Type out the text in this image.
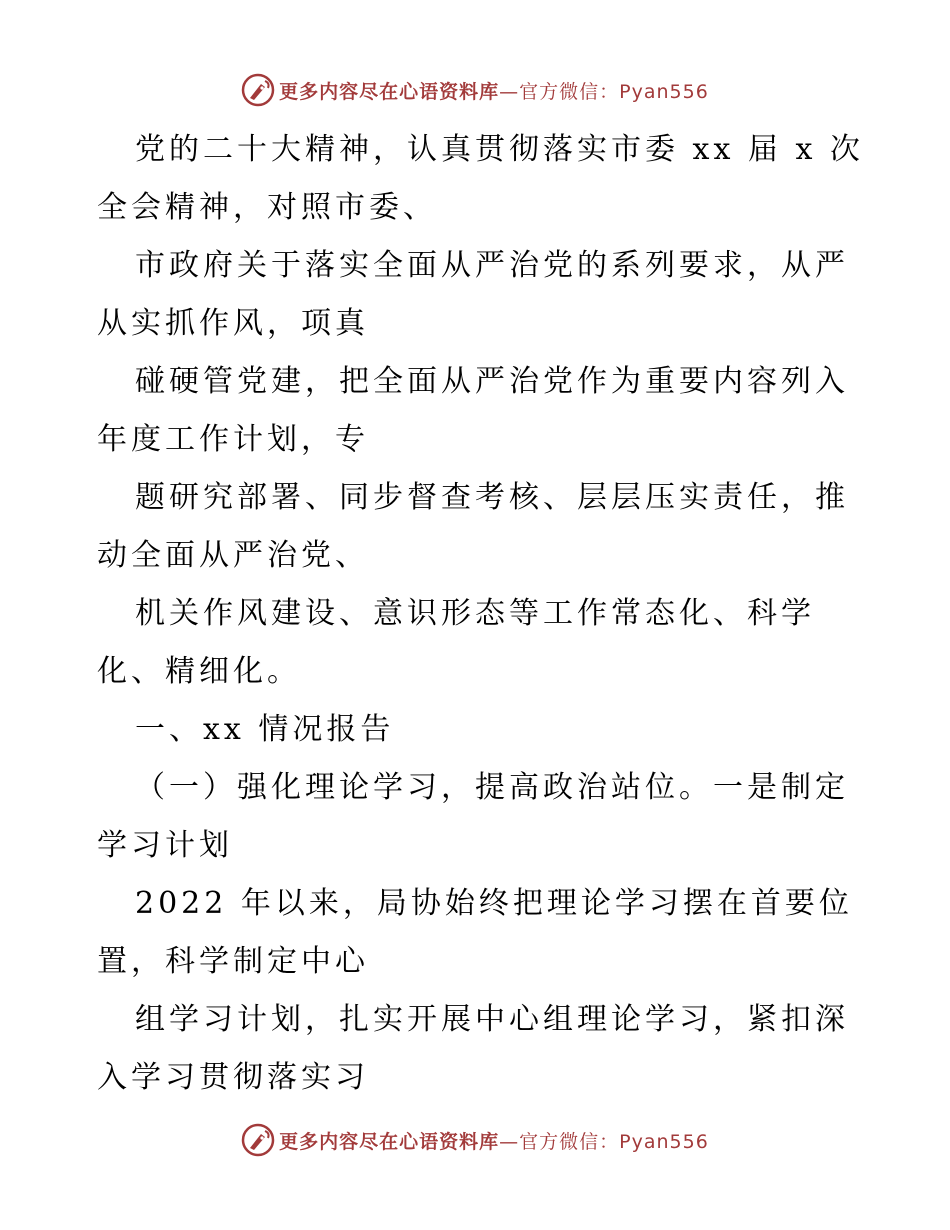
更多内容尽在心语资料库—官方微信：Pyan556

党的二十大精神，认真贯彻落实市委 xx 届 x 次

全会精神，对照市委、

市政府关于落实全面从严治党的系列要求，从严

从实抓作风，项真

碰硬管党建，把全面从严治党作为重要内容列入

年度工作计划，专

题研究部署、同步督查考核、层层压实责任，推

动全面从严治党、

机关作风建设、意识形态等工作常态化、科学

化、精细化。

一、xx 情况报告

（一）强化理论学习，提高政治站位。一是制定

学习计划

2022 年以来，局协始终把理论学习摆在首要位

置，科学制定中心

组学习计划，扎实开展中心组理论学习，紧扣深

入学习贯彻落实习

更多内容尽在心语资料库—官方微信：Pyan556
